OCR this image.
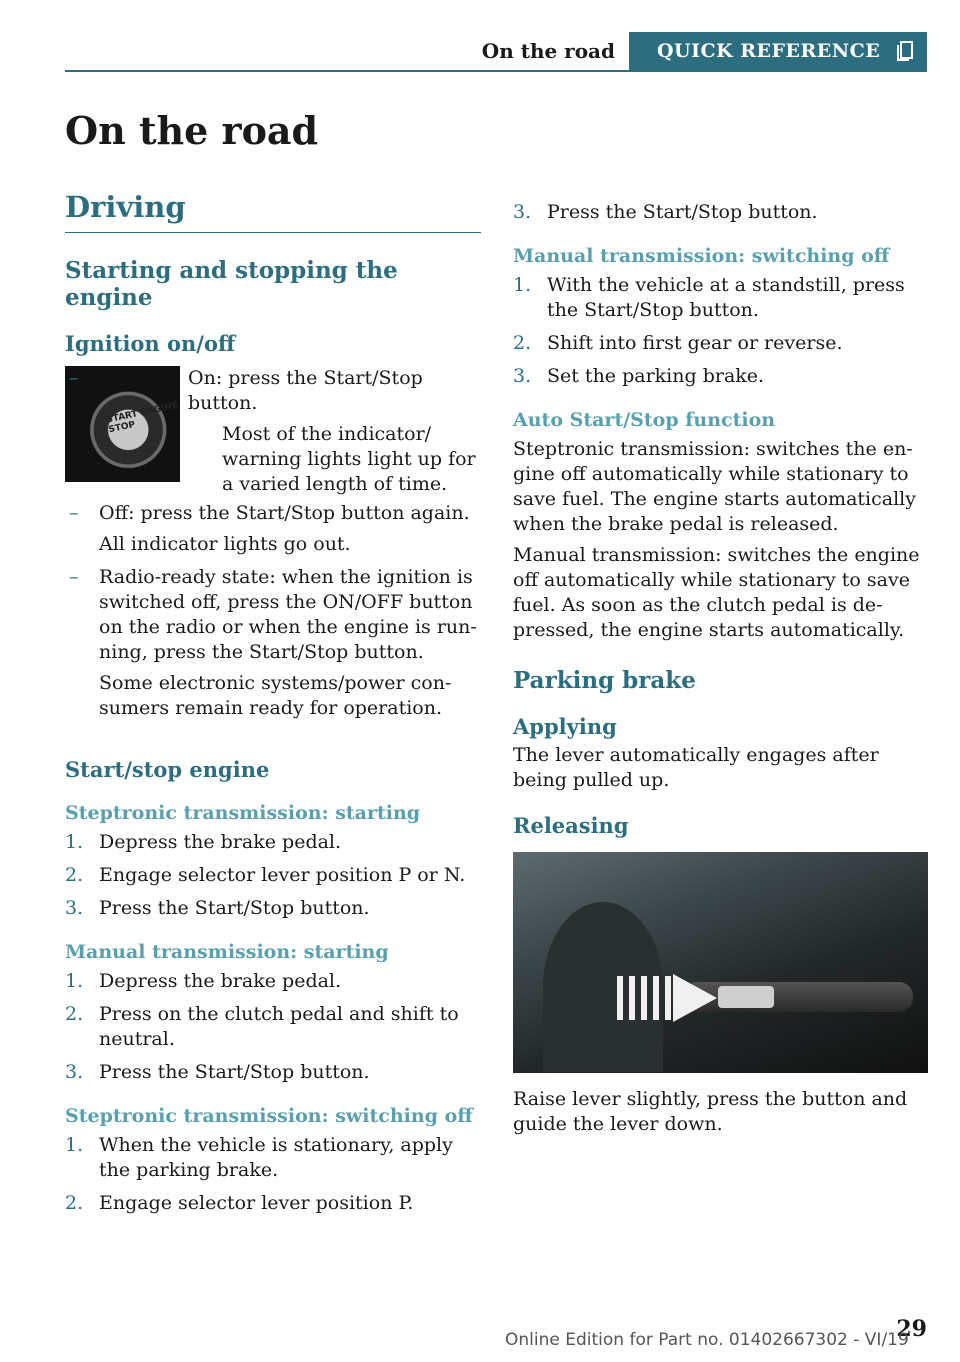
On the road	QUICK REFERENCE
On the road
Driving
Starting and stopping the engine
Ignition on/off
START ENGINE STOP
–	On: press the Start/Stop button.
Most of the indicator/ warning lights light up for a varied length of time.
– Off: press the Start/Stop button again.
All indicator lights go out.
– Radio-ready state: when the ignition is switched off, press the ON/OFF button on the radio or when the engine is run‐ ning, press the Start/Stop button.
Some electronic systems/power con‐ sumers remain ready for operation.
Start/stop engine
Steptronic transmission: starting
1. Depress the brake pedal.
2. Engage selector lever position P or N.
3. Press the Start/Stop button.
Manual transmission: starting
1. Depress the brake pedal.
2. Press on the clutch pedal and shift to neutral.
3. Press the Start/Stop button.
Steptronic transmission: switching off
1. When the vehicle is stationary, apply the parking brake.
2. Engage selector lever position P.
3. Press the Start/Stop button.
Manual transmission: switching off
1. With the vehicle at a standstill, press the Start/Stop button.
2. Shift into first gear or reverse.
3. Set the parking brake.
Auto Start/Stop function

Steptronic transmission: switches the en‐ gine off automatically while stationary to save fuel. The engine starts automatically when the brake pedal is released.

Manual transmission: switches the engine off automatically while stationary to save fuel. As soon as the clutch pedal is de‐ pressed, the engine starts automatically.

Parking brake
Applying

The lever automatically engages after being pulled up.

Releasing

Raise lever slightly, press the button and guide the lever down.

29
Online Edition for Part no. 01402667302 - VI/19
